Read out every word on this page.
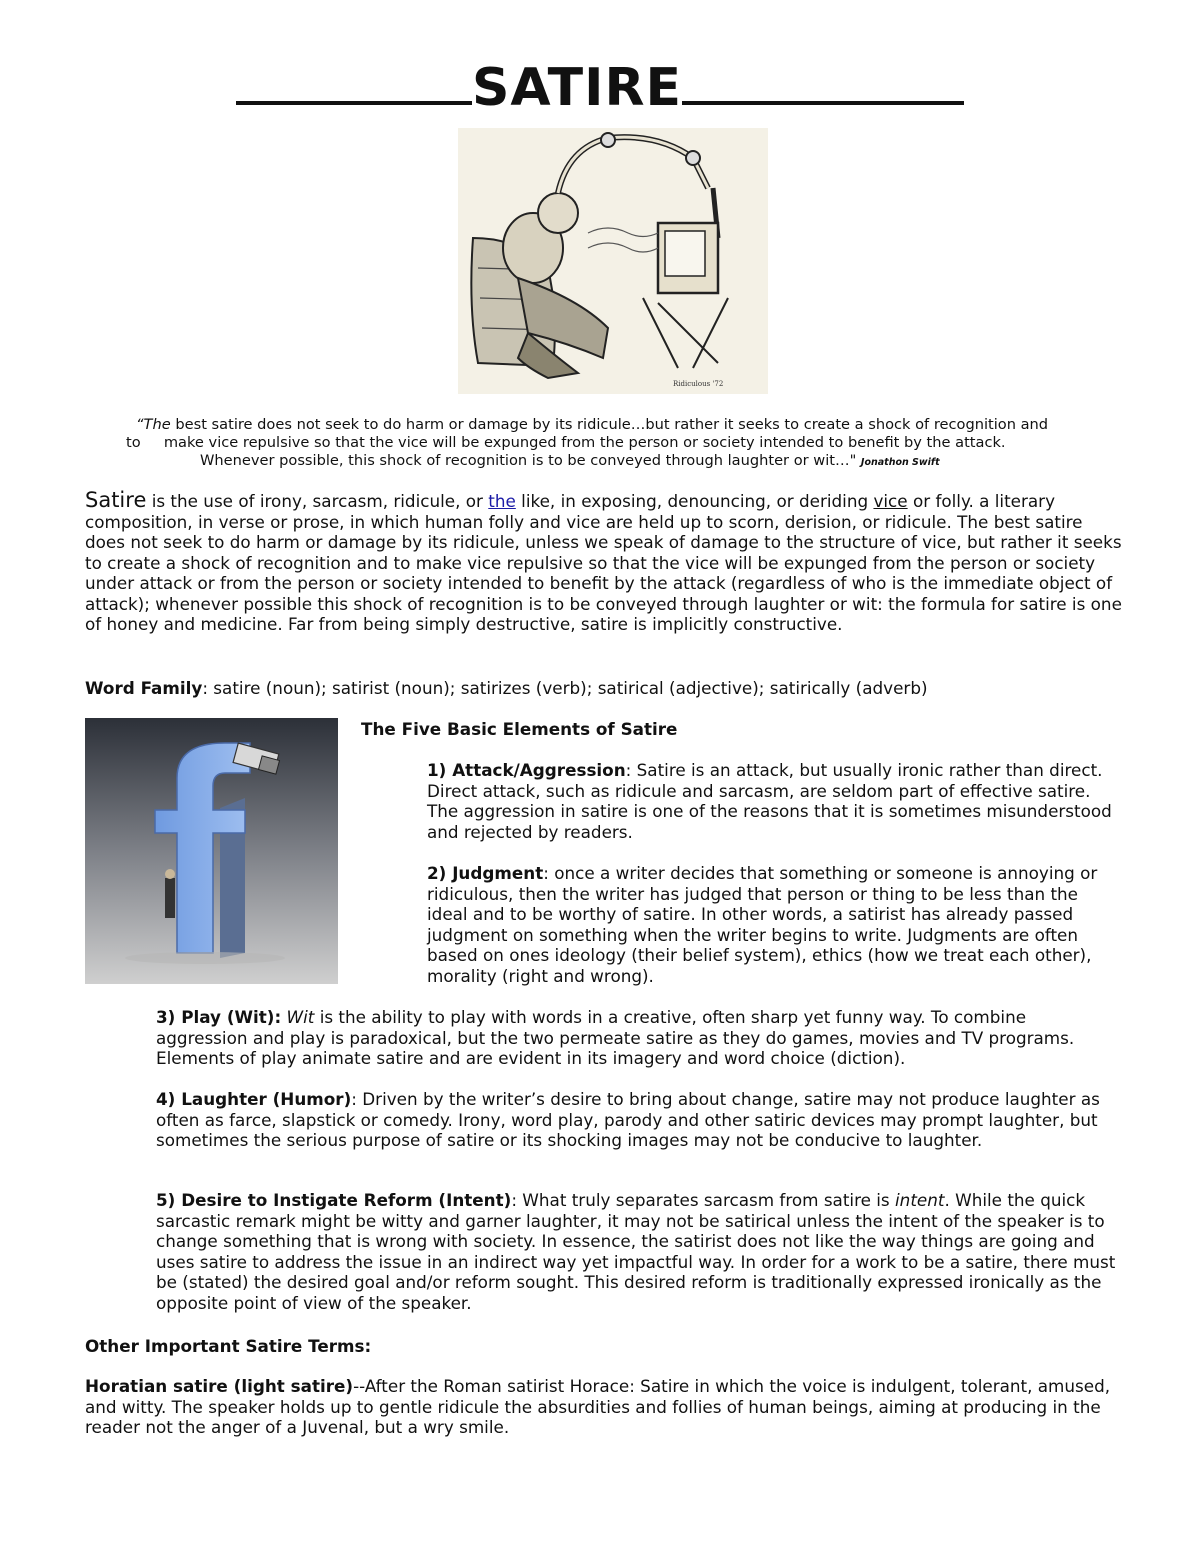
SATIRE
Ridiculous '72
“The best satire does not seek to do harm or damage by its ridicule…but rather it seeks to create a shock of recognition and
to     make vice repulsive so that the vice will be expunged from the person or society intended to benefit by the attack.
Whenever possible, this shock of recognition is to be conveyed through laughter or wit…" Jonathon Swift
Satire is the use of irony, sarcasm, ridicule, or the like, in exposing, denouncing, or deriding vice or folly. a literary composition, in verse or prose, in which human folly and vice are held up to scorn, derision, or ridicule. The best satire does not seek to do harm or damage by its ridicule, unless we speak of damage to the structure of vice, but rather it seeks to create a shock of recognition and to make vice repulsive so that the vice will be expunged from the person or society under attack or from the person or society intended to benefit by the attack (regardless of who is the immediate object of attack); whenever possible this shock of recognition is to be conveyed through laughter or wit: the formula for satire is one of honey and medicine. Far from being simply destructive, satire is implicitly constructive.
Word Family: satire (noun); satirist (noun); satirizes (verb); satirical (adjective); satirically (adverb)
The Five Basic Elements of Satire
1) Attack/Aggression: Satire is an attack, but usually ironic rather than direct. Direct attack, such as ridicule and sarcasm, are seldom part of effective satire. The aggression in satire is one of the reasons that it is sometimes misunderstood and rejected by readers.
2) Judgment: once a writer decides that something or someone is annoying or ridiculous, then the writer has judged that person or thing to be less than the ideal and to be worthy of satire. In other words, a satirist has already passed judgment on something when the writer begins to write. Judgments are often based on ones ideology (their belief system), ethics (how we treat each other), morality (right and wrong).
3) Play (Wit): Wit is the ability to play with words in a creative, often sharp yet funny way. To combine aggression and play is paradoxical, but the two permeate satire as they do games, movies and TV programs. Elements of play animate satire and are evident in its imagery and word choice (diction).
4) Laughter (Humor): Driven by the writer’s desire to bring about change, satire may not produce laughter as often as farce, slapstick or comedy. Irony, word play, parody and other satiric devices may prompt laughter, but sometimes the serious purpose of satire or its shocking images may not be conducive to laughter.
5) Desire to Instigate Reform (Intent): What truly separates sarcasm from satire is intent. While the quick sarcastic remark might be witty and garner laughter, it may not be satirical unless the intent of the speaker is to change something that is wrong with society. In essence, the satirist does not like the way things are going and uses satire to address the issue in an indirect way yet impactful way. In order for a work to be a satire, there must be (stated) the desired goal and/or reform sought. This desired reform is traditionally expressed ironically as the opposite point of view of the speaker.
Other Important Satire Terms:
Horatian satire (light satire)--After the Roman satirist Horace: Satire in which the voice is indulgent, tolerant, amused, and witty. The speaker holds up to gentle ridicule the absurdities and follies of human beings, aiming at producing in the reader not the anger of a Juvenal, but a wry smile.
